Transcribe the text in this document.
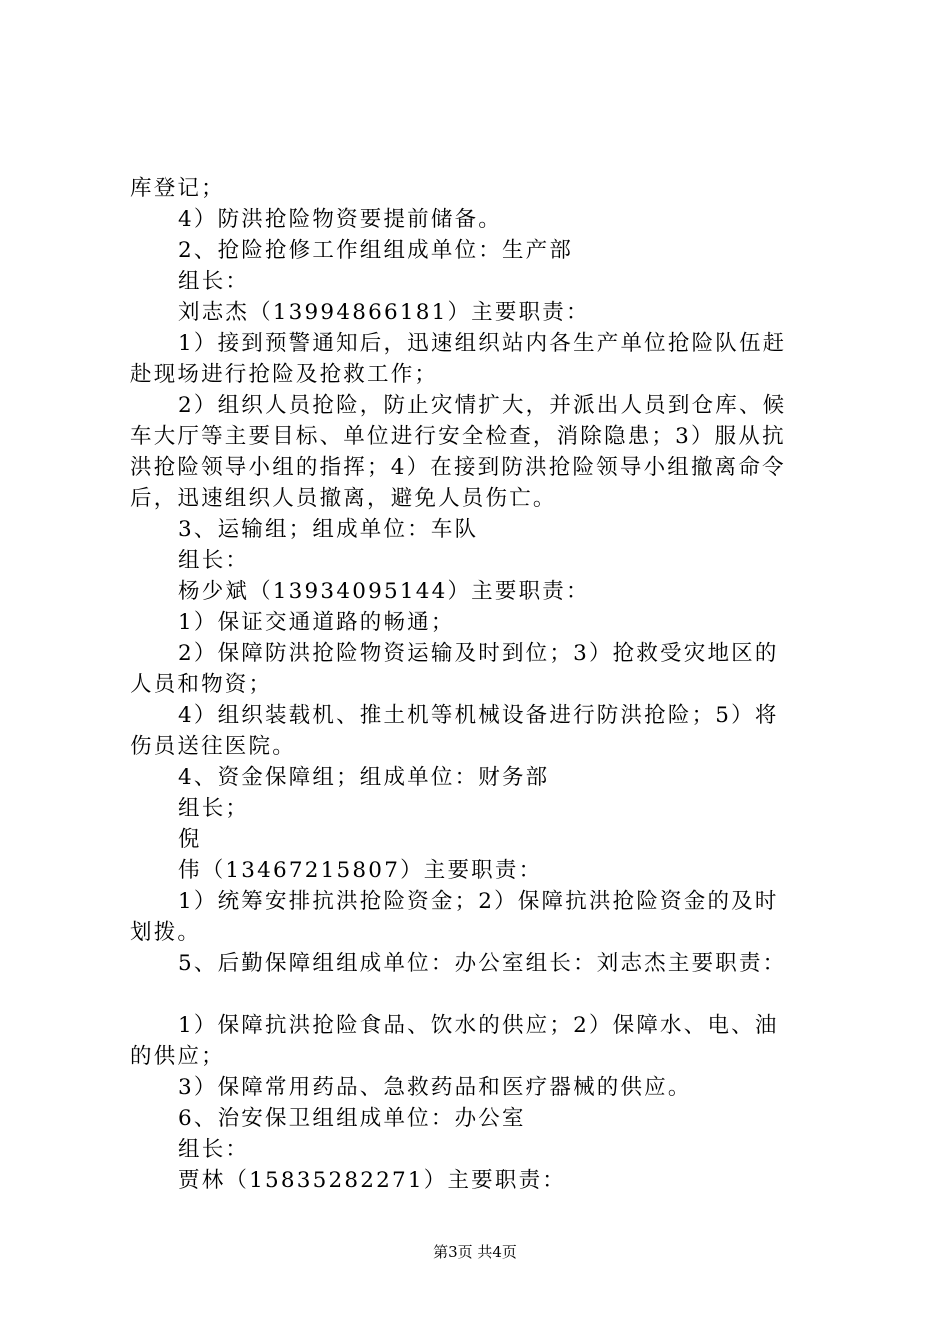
库登记；
4）防洪抢险物资要提前储备。
2、抢险抢修工作组组成单位：生产部
组长：
刘志杰（13994866181）主要职责：
1）接到预警通知后，迅速组织站内各生产单位抢险队伍赶
赴现场进行抢险及抢救工作；
2）组织人员抢险，防止灾情扩大，并派出人员到仓库、候
车大厅等主要目标、单位进行安全检查，消除隐患；3）服从抗
洪抢险领导小组的指挥；4）在接到防洪抢险领导小组撤离命令
后，迅速组织人员撤离，避免人员伤亡。
3、运输组；组成单位：车队
组长：
杨少斌（13934095144）主要职责：
1）保证交通道路的畅通；
2）保障防洪抢险物资运输及时到位；3）抢救受灾地区的
人员和物资；
4）组织装载机、推土机等机械设备进行防洪抢险；5）将
伤员送往医院。
4、资金保障组；组成单位：财务部
组长；
倪
伟（13467215807）主要职责：
1）统筹安排抗洪抢险资金；2）保障抗洪抢险资金的及时
划拨。
5、后勤保障组组成单位：办公室组长：刘志杰主要职责：
1）保障抗洪抢险食品、饮水的供应；2）保障水、电、油
的供应；
3）保障常用药品、急救药品和医疗器械的供应。
6、治安保卫组组成单位：办公室
组长：
贾林（15835282271）主要职责：
第3页 共4页
